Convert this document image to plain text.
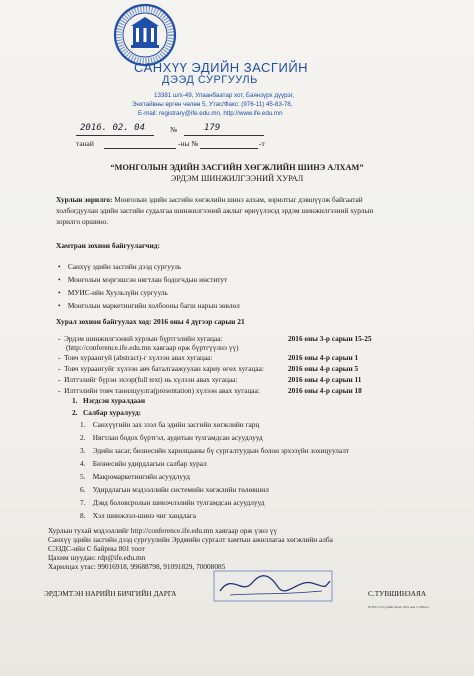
САНХҮҮ ЭДИЙН ЗАСГИЙН
ДЭЭД СУРГУУЛЬ
13381 ш/х-49, Улаанбаатар хот, Баянзүрх дүүрэг,
Энхтайвны өргөн чөлөө 5, Утас/Факс: (976-11) 45-83-78,
E-mail: registrary@ife.edu.mn, http://www.ife.edu.mn
2016. 02. 04	№	179
танай	-ны №	-т
“МОНГОЛЫН ЭДИЙН ЗАСГИЙН ХӨГЖЛИЙН ШИНЭ АЛХАМ”
ЭРДЭМ ШИНЖИЛГЭЭНИЙ ХУРАЛ
Хурлын зорилго: Монголын эдийн засгийн хөгжлийн шинэ алхам, зорилтыг дэвшүүлж байгаатай
холбогдуулан эдийн засгийн судалгаа шинжилгээний ажлыг өрнүүлэхэд эрдэм шинжилгээний хурлын
зорилго оршино.
Хамтран зохион байгуулагчид:
•    Санхүү эдийн засгийн дээд сургууль
•    Монголын мэргэшсэн нягтлан бодогчдын институт
•    МУИС-ийн Хуульзүйн сургууль
•    Монголын маркетингийн холбооны багш нарын зөвлөл
Хурал зохион байгуулах ход: 2016 оны 4 дүгээр сарын 21
-  Эрдэм шинжилгээний хурлын бүртгэлийн хугацаа:	2016 оны 3-р сарын 15-25
(http://conference.ife.edu.mn хаягаар орж бүртгүүлнэ үү)
-  Товч хураангуй (abstract)-г хүлээн авах хугацаа:	2016 оны 4-р сарын 1
-  Товч хураангуйг хүлээн авч баталгаажуулан хариу өгөх хугацаа:	2016 оны 4-р сарын 5
-  Илтгэлийг бүрэн эхээр(full text) нь хүлээн авах хугацаа:	2016 оны 4-р сарын 11
-  Илтгэлийн товч танилцуулга(presentation) хүлээн авах хугацаа:	2016 оны 4-р сарын 18
1. Нэгдсэн хуралдаан
2. Салбар хуралууд:
1.    Санхүүгийн зах зээл ба эдийн засгийн хөгжлийн гарц
2.    Нягтлан бодох бүртгэл, аудитын тулгамдсан асуудлууд
3.    Эдийн засаг, бизнесийн харилцааны бү сургалтуудын болон эрхэзүйн зохицуулалт
4.    Бизнесийн удирдлагын салбар хурал
5.    Макромаркетингийн асуудлууд
6.    Удирдлагын мэдээллийн системийн хөгжлийн төлөвшил
7.    Дэвд боловсролын шинэчлэлийн тулгамдсан асуудлууд
8.    Хэл шинжлэл-шинэ чиг хандлага
Хурлын тухай мэдээллийг http://conference.ife.edu.mn хаягаар орж үзнэ үү
Санхүү эдийн засгийн дээд сургуулийн Эрдмийн сургалт хамтын ажиллагаа хөгжлийн алба
СЭЗДС-ийн С байрны 801 тоот
Цахим шуудан: rdp@ife.edu.mn
Харилцах утас: 99016918, 99688798, 91091829, 70008085
ЭРДЭМТЭН НАРИЙН БИЧГИЙН ДАРГА	С.ТУВШИНЗАЯА
D:\IFE\сэтгүүлийн бичиг 2016 оны 4 ЭШ.doc
